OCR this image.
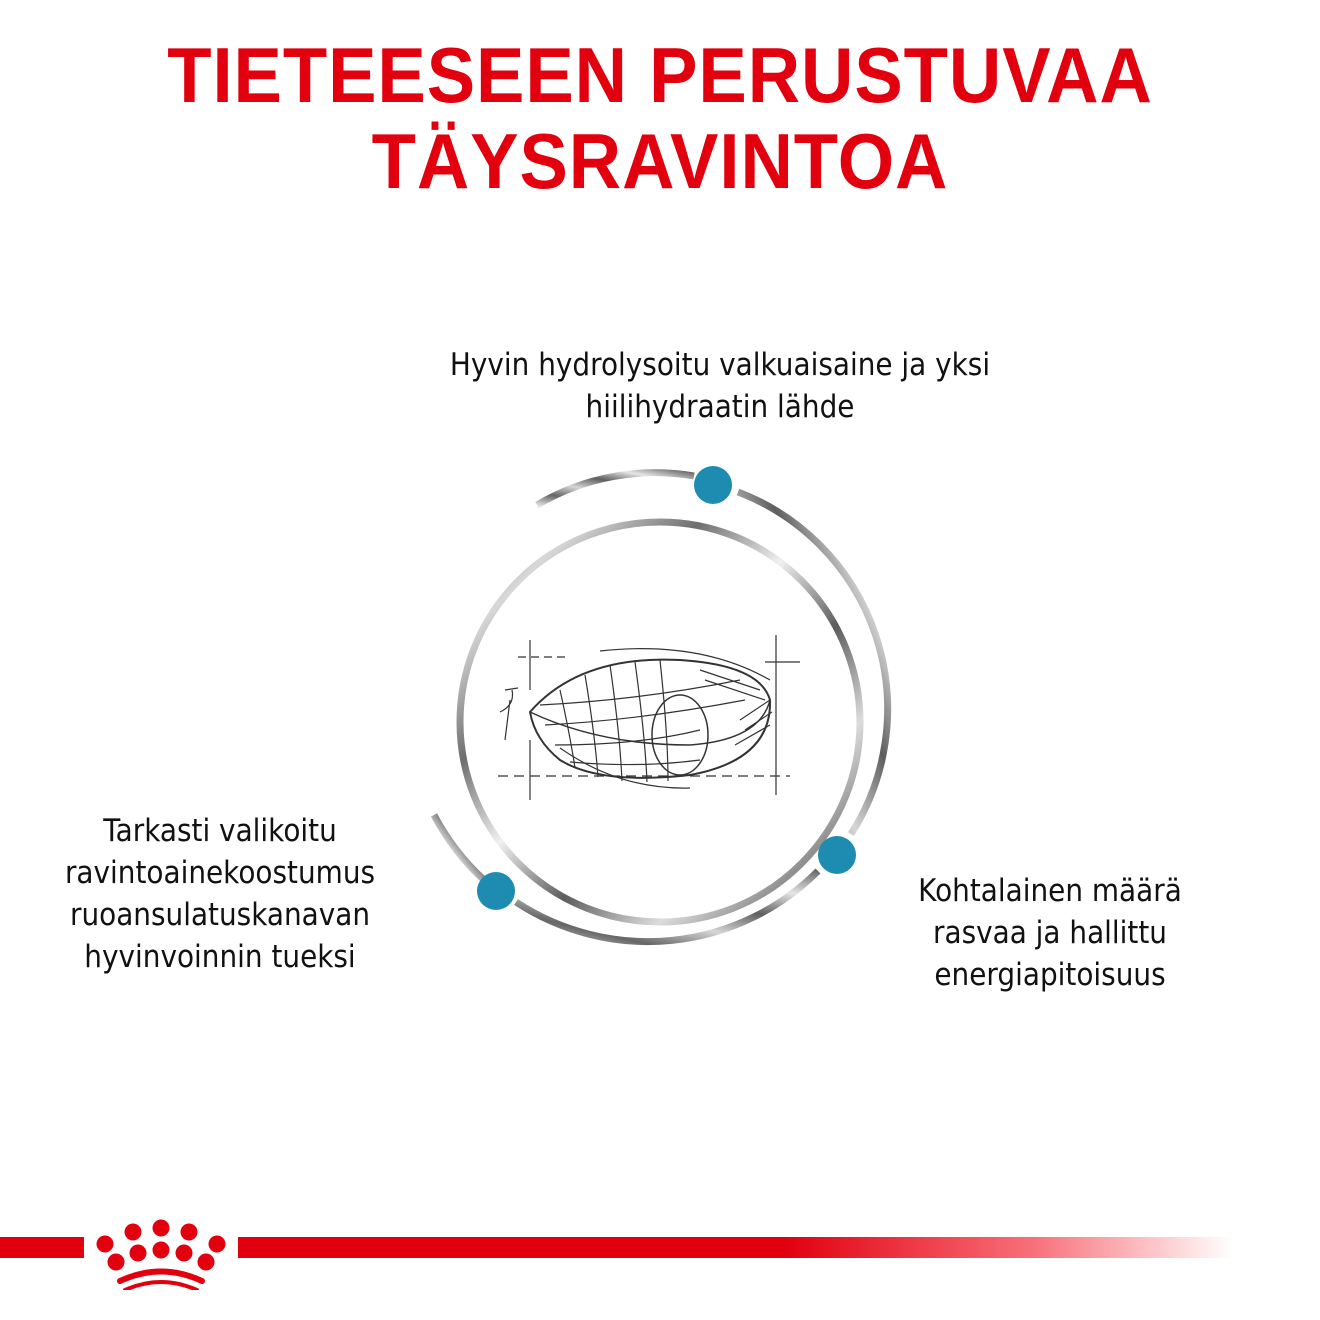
TIETEESEEN PERUSTUVAA
TÄYSRAVINTOA
Hyvin hydrolysoitu valkuaisaine ja yksi
hiilihydraatin lähde
Tarkasti valikoitu
ravintoainekoostumus
ruoansulatuskanavan
hyvinvoinnin tueksi
Kohtalainen määrä
rasvaa ja hallittu
energiapitoisuus
